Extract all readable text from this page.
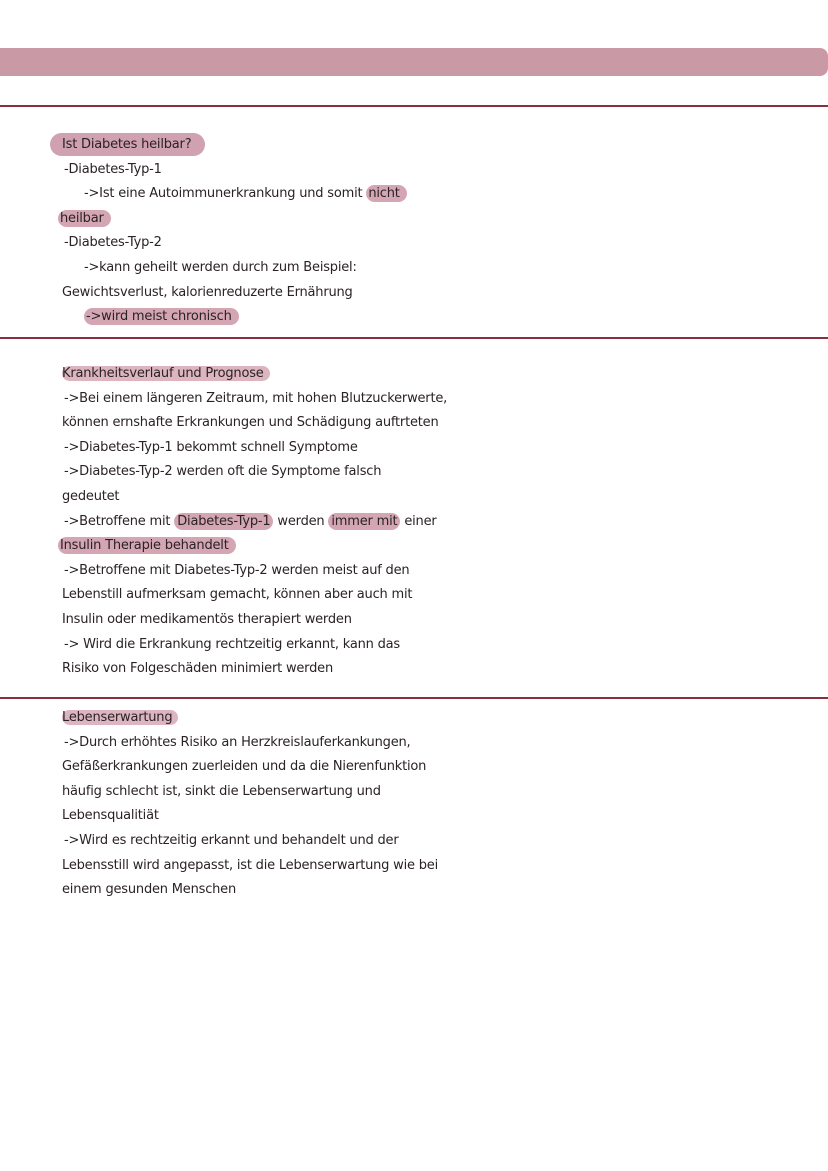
Ist Diabetes heilbar?
-Diabetes-Typ-1
->Ist eine Autoimmunerkrankung und somit nicht
heilbar
-Diabetes-Typ-2
->kann geheilt werden durch zum Beispiel:
Gewichtsverlust, kalorienreduzerte Ernährung
->wird meist chronisch
Krankheitsverlauf und Prognose
->Bei einem längeren Zeitraum, mit hohen Blutzuckerwerte,
können ernshafte Erkrankungen und Schädigung auftrteten
->Diabetes-Typ-1 bekommt schnell Symptome
->Diabetes-Typ-2 werden oft die Symptome falsch
gedeutet
->Betroffene mit Diabetes-Typ-1 werden immer mit einer
Insulin Therapie behandelt
->Betroffene mit Diabetes-Typ-2 werden meist auf den
Lebenstill aufmerksam gemacht, können aber auch mit
Insulin oder medikamentös therapiert werden
-> Wird die Erkrankung rechtzeitig erkannt, kann das
Risiko von Folgeschäden minimiert werden
Lebenserwartung
->Durch erhöhtes Risiko an Herzkreislauferkankungen,
Gefäßerkrankungen zuerleiden und da die Nierenfunktion
häufig schlecht ist, sinkt die Lebenserwartung und
Lebensqualitiät
->Wird es rechtzeitig erkannt und behandelt und der
Lebensstill wird angepasst, ist die Lebenserwartung wie bei
einem gesunden Menschen
